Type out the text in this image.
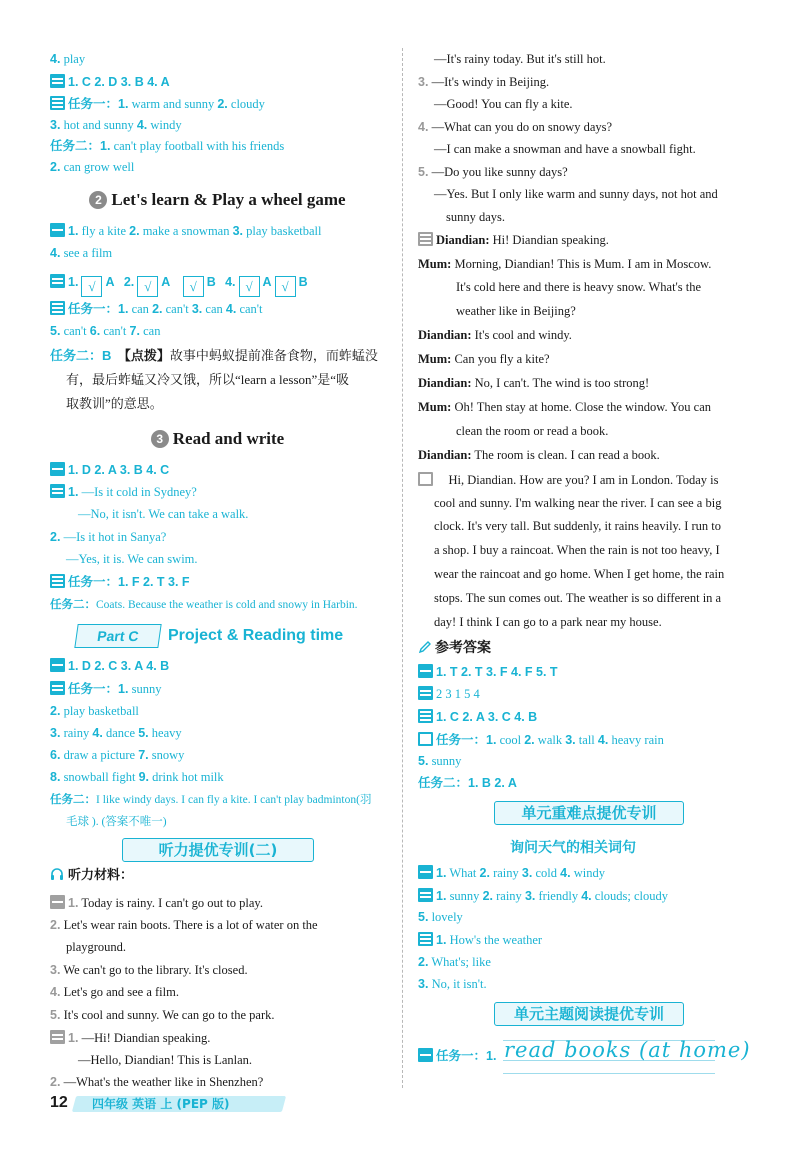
4. play
1. C 2. D 3. B 4. A
任务一：1. warm and sunny 2. cloudy
3. hot and sunny 4. windy
任务二：1. can't play football with his friends
2. can grow well
2 Let's learn & Play a wheel game
1. fly a kite 2. make a snowman 3. play basketball
4. see a film
1. √ A 2. √ A √ B 4. √ A √ B
任务一：1. can 2. can't 3. can 4. can't
5. can't 6. can't 7. can
任务二：B 【点拨】故事中蚂蚁提前准备食物，而蚱蜢没
有，最后蚱蜢又冷又饿，所以“learn a lesson”是“吸
取教训”的意思。
3 Read and write
1. D 2. A 3. B 4. C
1. —Is it cold in Sydney?
—No, it isn't. We can take a walk.
2. —Is it hot in Sanya?
—Yes, it is. We can swim.
任务一：1. F 2. T 3. F
任务二：Coats. Because the weather is cold and snowy in Harbin.
Part C	Project & Reading time
1. D 2. C 3. A 4. B
任务一：1. sunny
2. play basketball
3. rainy 4. dance 5. heavy
6. draw a picture 7. snowy
8. snowball fight 9. drink hot milk
任务二：I like windy days. I can fly a kite. I can't play badminton(羽
毛球 ). (答案不唯一)
听力提优专训(二)
听力材料：
1. Today is rainy. I can't go out to play.
2. Let's wear rain boots. There is a lot of water on the
playground.
3. We can't go to the library. It's closed.
4. Let's go and see a film.
5. It's cool and sunny. We can go to the park.
1. —Hi! Diandian speaking.
—Hello, Diandian! This is Lanlan.
2. —What's the weather like in Shenzhen?
12 四年级 英语 上 (PEP 版)
—It's rainy today. But it's still hot.
3. —It's windy in Beijing.
—Good! You can fly a kite.
4. —What can you do on snowy days?
—I can make a snowman and have a snowball fight.
5. —Do you like sunny days?
—Yes. But I only like warm and sunny days, not hot and
sunny days.
Diandian: Hi! Diandian speaking.
Mum: Morning, Diandian! This is Mum. I am in Moscow.
It's cold here and there is heavy snow. What's the
weather like in Beijing?
Diandian: It's cool and windy.
Mum: Can you fly a kite?
Diandian: No, I can't. The wind is too strong!
Mum: Oh! Then stay at home. Close the window. You can
clean the room or read a book.
Diandian: The room is clean. I can read a book.
Hi, Diandian. How are you? I am in London. Today is
cool and sunny. I'm walking near the river. I can see a big
clock. It's very tall. But suddenly, it rains heavily. I run to
a shop. I buy a raincoat. When the rain is not too heavy, I
wear the raincoat and go home. When I get home, the rain
stops. The sun comes out. The weather is so different in a
day! I think I can go to a park near my house.
参考答案
1. T 2. T 3. F 4. F 5. T
2 3 1 5 4
1. C 2. A 3. C 4. B
任务一：1. cool 2. walk 3. tall 4. heavy rain
5. sunny
任务二：1. B 2. A
单元重难点提优专训
询问天气的相关词句
1. What 2. rainy 3. cold 4. windy
1. sunny 2. rainy 3. friendly 4. clouds; cloudy
5. lovely
1. How's the weather
2. What's; like
3. No, it isn't.
单元主题阅读提优专训
任务一：1. read books (at home)
